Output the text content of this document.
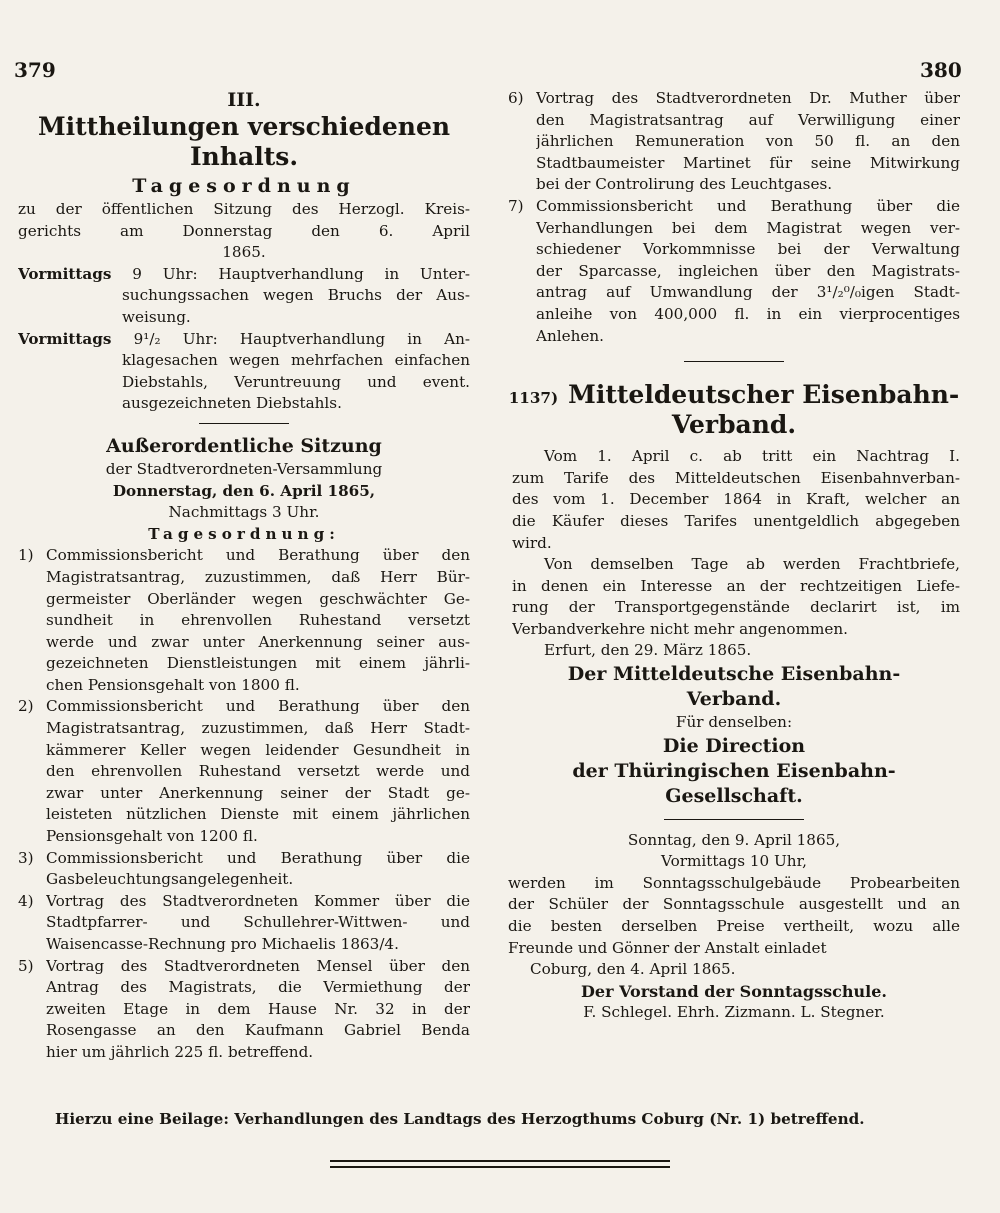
379	380

III.

Mittheilungen verschiedenen Inhalts.

Tagesordnung

zu der öffentlichen Sitzung des Herzogl. Kreis-

gerichts am Donnerstag den 6. April

1865.

Vormittags 9 Uhr: Hauptverhandlung in Unter-

suchungssachen wegen Bruchs der Aus-

weisung.

Vormittags 9¹/₂ Uhr: Hauptverhandlung in An-

klagesachen wegen mehrfachen einfachen

Diebstahls, Veruntreuung und event.

ausgezeichneten Diebstahls.

Außerordentliche Sitzung

der Stadtverordneten-Versammlung

Donnerstag, den 6. April 1865,

Nachmittags 3 Uhr.

Tagesordnung:

1) Commissionsbericht und Berathung über den

Magistratsantrag, zuzustimmen, daß Herr Bür-

germeister Oberländer wegen geschwächter Ge-

sundheit in ehrenvollen Ruhestand versetzt

werde und zwar unter Anerkennung seiner aus-

gezeichneten Dienstleistungen mit einem jährli-

chen Pensionsgehalt von 1800 fl.

2) Commissionsbericht und Berathung über den

Magistratsantrag, zuzustimmen, daß Herr Stadt-

kämmerer Keller wegen leidender Gesundheit in

den ehrenvollen Ruhestand versetzt werde und

zwar unter Anerkennung seiner der Stadt ge-

leisteten nützlichen Dienste mit einem jährlichen

Pensionsgehalt von 1200 fl.

3) Commissionsbericht und Berathung über die

Gasbeleuchtungsangelegenheit.

4) Vortrag des Stadtverordneten Kommer über die

Stadtpfarrer- und Schullehrer-Wittwen- und

Waisencasse-Rechnung pro Michaelis 1863/4.

5) Vortrag des Stadtverordneten Mensel über den

Antrag des Magistrats, die Vermiethung der

zweiten Etage in dem Hause Nr. 32 in der

Rosengasse an den Kaufmann Gabriel Benda

hier um jährlich 225 fl. betreffend.

6) Vortrag des Stadtverordneten Dr. Muther über

den Magistratsantrag auf Verwilligung einer

jährlichen Remuneration von 50 fl. an den

Stadtbaumeister Martinet für seine Mitwirkung

bei der Controlirung des Leuchtgases.

7) Commissionsbericht und Berathung über die

Verhandlungen bei dem Magistrat wegen ver-

schiedener Vorkommnisse bei der Verwaltung

der Sparcasse, ingleichen über den Magistrats-

antrag auf Umwandlung der 3¹/₂⁰/₀igen Stadt-

anleihe von 400,000 fl. in ein vierprocentiges

Anlehen.

1137) Mitteldeutscher Eisenbahn-

Verband.

Vom 1. April c. ab tritt ein Nachtrag I.

zum Tarife des Mitteldeutschen Eisenbahnverban-

des vom 1. December 1864 in Kraft, welcher an

die Käufer dieses Tarifes unentgeldlich abgegeben

wird.

Von demselben Tage ab werden Frachtbriefe,

in denen ein Interesse an der rechtzeitigen Liefe-

rung der Transportgegenstände declarirt ist, im

Verbandverkehre nicht mehr angenommen.

Erfurt, den 29. März 1865.

Der Mitteldeutsche Eisenbahn-

Verband.

Für denselben:

Die Direction

der Thüringischen Eisenbahn-

Gesellschaft.

Sonntag, den 9. April 1865,

Vormittags 10 Uhr,

werden im Sonntagsschulgebäude Probearbeiten

der Schüler der Sonntagsschule ausgestellt und an

die besten derselben Preise vertheilt, wozu alle

Freunde und Gönner der Anstalt einladet

Coburg, den 4. April 1865.

Der Vorstand der Sonntagsschule.

F. Schlegel. Ehrh. Zizmann. L. Stegner.

Hierzu eine Beilage: Verhandlungen des Landtags des Herzogthums Coburg (Nr. 1) betreffend.
